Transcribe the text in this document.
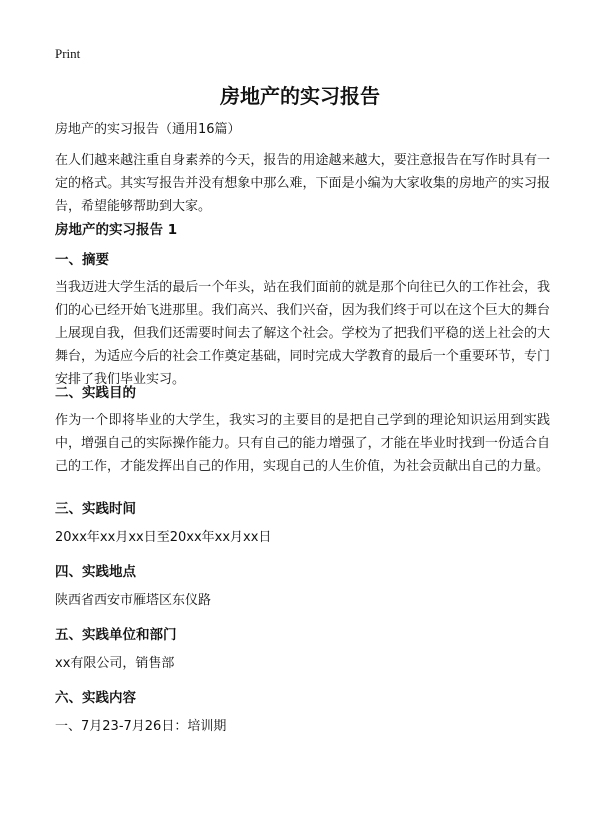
Print
房地产的实习报告
房地产的实习报告（通用16篇）
在人们越来越注重自身素养的今天，报告的用途越来越大，要注意报告在写作时具有一定的格式。其实写报告并没有想象中那么难，下面是小编为大家收集的房地产的实习报告，希望能够帮助到大家。
房地产的实习报告 1
一、摘要
当我迈进大学生活的最后一个年头，站在我们面前的就是那个向往已久的工作社会，我们的心已经开始飞进那里。我们高兴、我们兴奋，因为我们终于可以在这个巨大的舞台上展现自我，但我们还需要时间去了解这个社会。学校为了把我们平稳的送上社会的大舞台，为适应今后的社会工作奠定基础，同时完成大学教育的最后一个重要环节，专门安排了我们毕业实习。
二、实践目的
作为一个即将毕业的大学生，我实习的主要目的是把自己学到的理论知识运用到实践中，增强自己的实际操作能力。只有自己的能力增强了，才能在毕业时找到一份适合自己的工作，才能发挥出自己的作用，实现自己的人生价值，为社会贡献出自己的力量。
三、实践时间
20xx年xx月xx日至20xx年xx月xx日
四、实践地点
陕西省西安市雁塔区东仪路
五、实践单位和部门
xx有限公司，销售部
六、实践内容
一、7月23-7月26日：培训期
